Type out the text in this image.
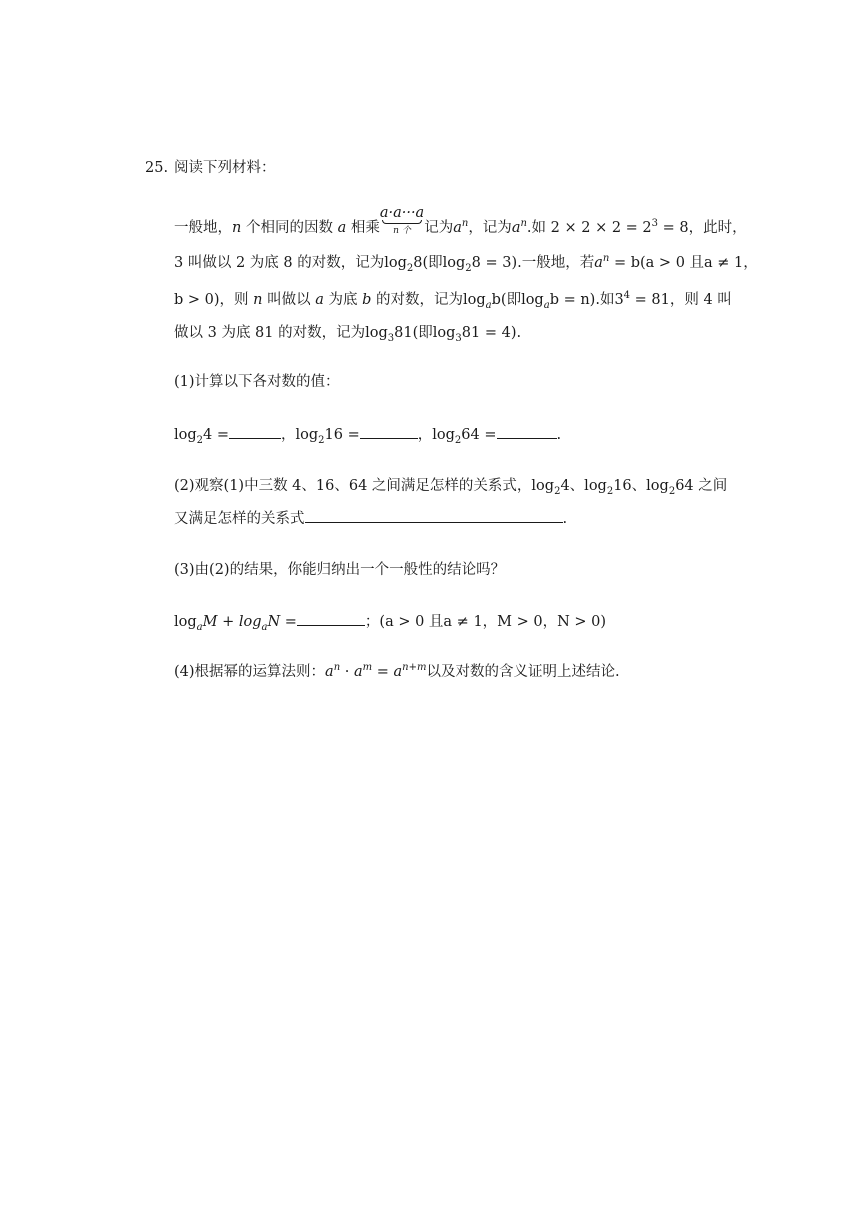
25. 阅读下列材料：
一般地，n 个相同的因数 a 相乘
a·a···a
n 个 记为$a^n$，记为$a^n$.如 $2 \times 2 \times 2 = 2^3 = 8$，此时，
3 叫做以 2 为底 8 的对数，记为$\log_28$(即$\log_28 = 3$).一般地，若$a^n = b(a > 0$ 且a ≠ 1，
b > 0)，则 n 叫做以 a 为底 b 的对数，记为$\log_ab$(即$\log_ab = n$).如$3^4 = 81$，则 4 叫
做以 3 为底 81 的对数，记为$\log_381$(即$\log_381 = 4$).
(1)计算以下各对数的值：
$\log_24$ =	，$\log_216$ =	，$\log_264$ =	.
(2)观察(1)中三数 4、16、64 之间满足怎样的关系式，$\log_24$、$\log_216$、$\log_264$ 之间
又满足怎样的关系式	.
(3)由(2)的结果，你能归纳出一个一般性的结论吗？
$\log_aM + \log_aN$ =	；(a > 0 且a ≠ 1，M > 0，N > 0)
(4)根据幂的运算法则：$a^n \cdot a^m = a^{n+m}$以及对数的含义证明上述结论.
